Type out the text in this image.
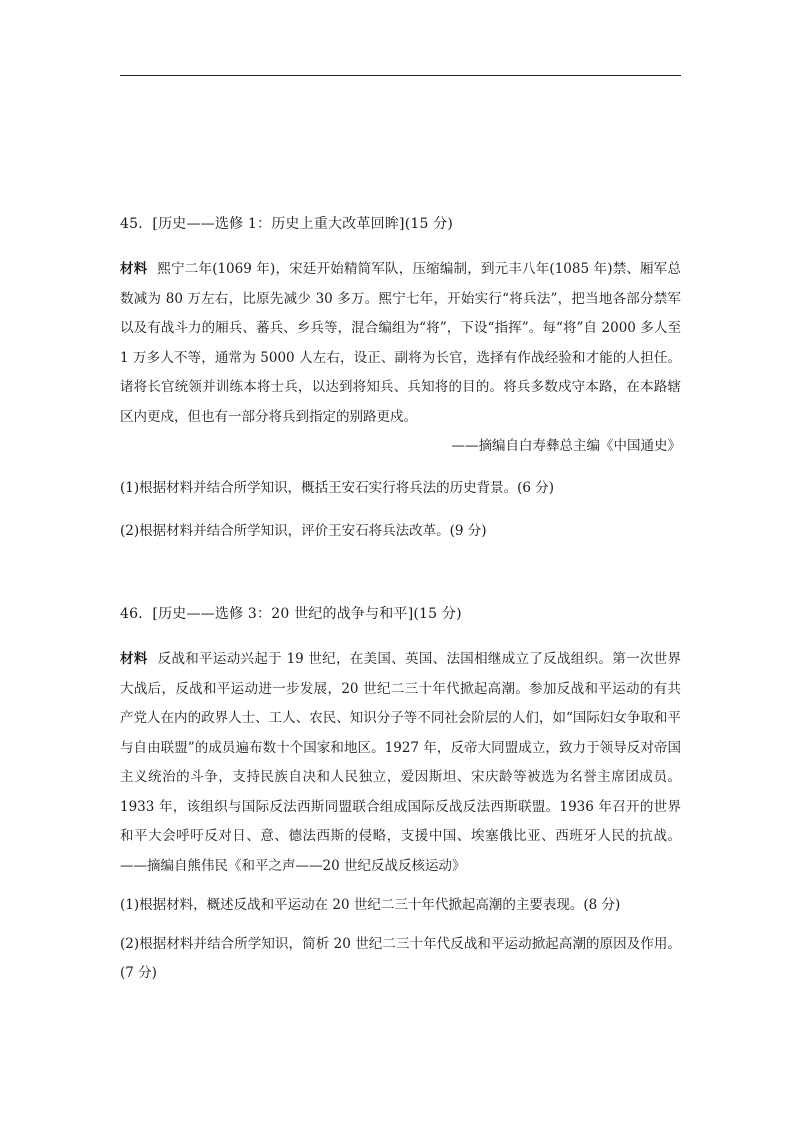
45．[历史——选修 1：历史上重大改革回眸](15 分)

材料 熙宁二年(1069 年)，宋廷开始精简军队，压缩编制，到元丰八年(1085 年)禁、厢军总数减为 80 万左右，比原先减少 30 多万。熙宁七年，开始实行“将兵法”，把当地各部分禁军以及有战斗力的厢兵、蕃兵、乡兵等，混合编组为“将”，下设“指挥”。每“将”自 2000 多人至 1 万多人不等，通常为 5000 人左右，设正、副将为长官，选择有作战经验和才能的人担任。诸将长官统领并训练本将士兵，以达到将知兵、兵知将的目的。将兵多数戍守本路，在本路辖区内更戍，但也有一部分将兵到指定的别路更戍。

——摘编自白寿彝总主编《中国通史》

(1)根据材料并结合所学知识，概括王安石实行将兵法的历史背景。(6 分)

(2)根据材料并结合所学知识，评价王安石将兵法改革。(9 分)

46．[历史——选修 3：20 世纪的战争与和平](15 分)

材料 反战和平运动兴起于 19 世纪，在美国、英国、法国相继成立了反战组织。第一次世界大战后，反战和平运动进一步发展，20 世纪二三十年代掀起高潮。参加反战和平运动的有共产党人在内的政界人士、工人、农民、知识分子等不同社会阶层的人们，如“国际妇女争取和平与自由联盟”的成员遍布数十个国家和地区。1927 年，反帝大同盟成立，致力于领导反对帝国主义统治的斗争，支持民族自决和人民独立，爱因斯坦、宋庆龄等被选为名誉主席团成员。1933 年，该组织与国际反法西斯同盟联合组成国际反战反法西斯联盟。1936 年召开的世界和平大会呼吁反对日、意、德法西斯的侵略，支援中国、埃塞俄比亚、西班牙人民的抗战。——摘编自熊伟民《和平之声——20 世纪反战反核运动》

(1)根据材料，概述反战和平运动在 20 世纪二三十年代掀起高潮的主要表现。(8 分)

(2)根据材料并结合所学知识，简析 20 世纪二三十年代反战和平运动掀起高潮的原因及作用。(7 分)
